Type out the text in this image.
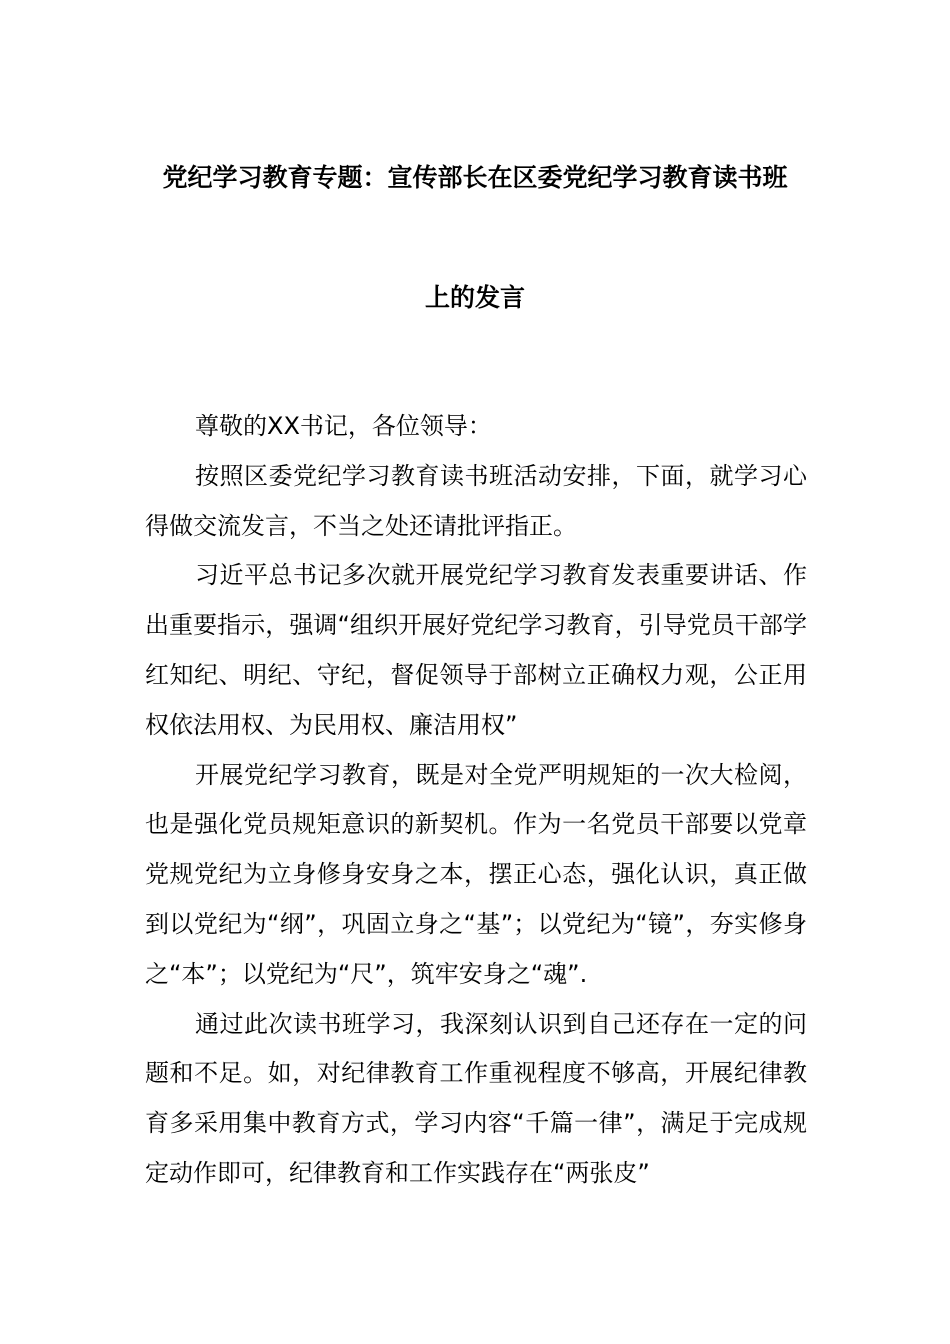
党纪学习教育专题：宣传部长在区委党纪学习教育读书班
上的发言

尊敬的XX书记，各位领导：

按照区委党纪学习教育读书班活动安排，下面，就学习心得做交流发言，不当之处还请批评指正。

习近平总书记多次就开展党纪学习教育发表重要讲话、作出重要指示，强调“组织开展好党纪学习教育，引导党员干部学红知纪、明纪、守纪，督促领导于部树立正确权力观，公正用权依法用权、为民用权、廉洁用权”

开展党纪学习教育，既是对全党严明规矩的一次大检阅，也是强化党员规矩意识的新契机。作为一名党员干部要以党章党规党纪为立身修身安身之本，摆正心态，强化认识，真正做到以党纪为“纲”，巩固立身之“基”；以党纪为“镜”，夯实修身之“本”；以党纪为“尺”，筑牢安身之“魂”.

通过此次读书班学习，我深刻认识到自己还存在一定的问题和不足。如，对纪律教育工作重视程度不够高，开展纪律教育多采用集中教育方式，学习内容“千篇一律”，满足于完成规定动作即可，纪律教育和工作实践存在“两张皮”
